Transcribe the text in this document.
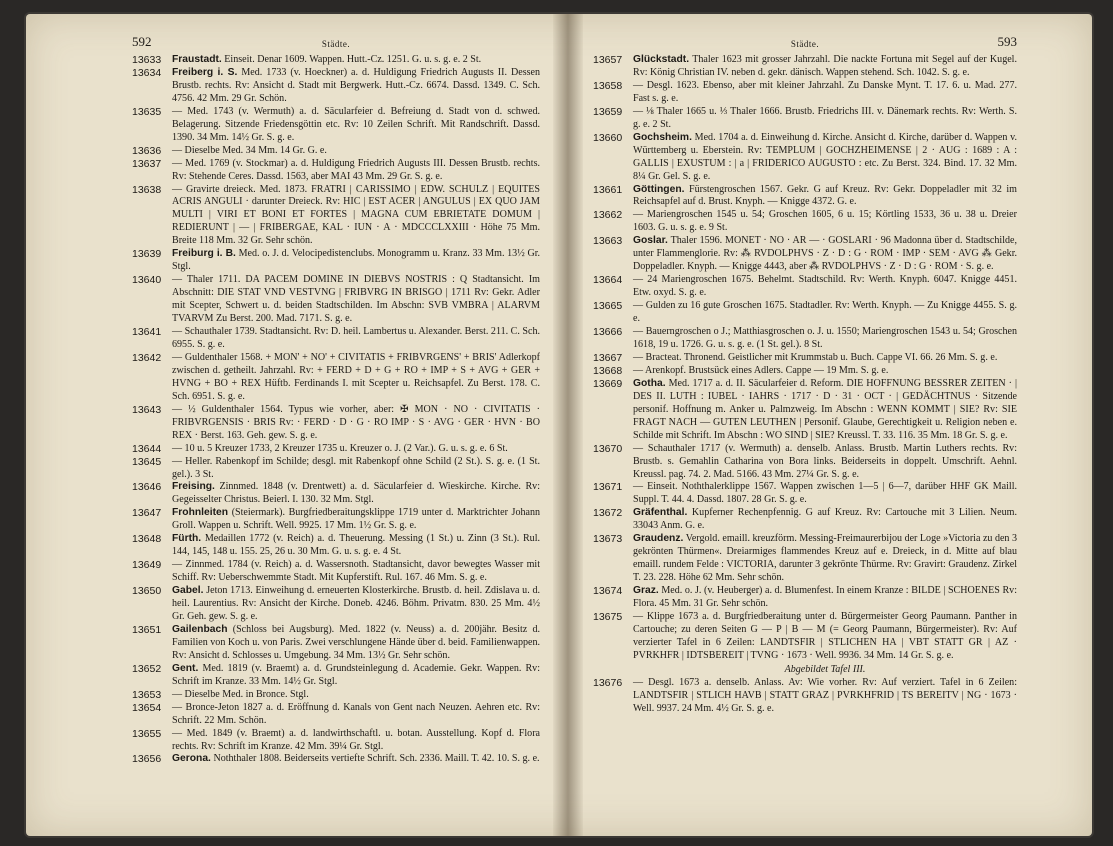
592	Städte.

13633 Fraustadt. Einseit. Denar 1609. Wappen. Hutt.-Cz. 1251. G. u. s. g. e. 2 St.

13634 Freiberg i. S. Med. 1733 (v. Hoeckner) a. d. Huldigung Friedrich Augusts II. Dessen Brustb. rechts. Rv: Ansicht d. Stadt mit Bergwerk. Hutt.-Cz. 6674. Dassd. 1349. C. Sch. 4756. 42 Mm. 29 Gr. Schön.

13635 — Med. 1743 (v. Wermuth) a. d. Säcularfeier d. Befreiung d. Stadt von d. schwed. Belagerung. Sitzende Friedensgöttin etc. Rv: 10 Zeilen Schrift. Mit Randschrift. Dassd. 1390. 34 Mm. 14½ Gr. S. g. e.

13636 — Dieselbe Med. 34 Mm. 14 Gr. G. e.

13637 — Med. 1769 (v. Stockmar) a. d. Huldigung Friedrich Augusts III. Dessen Brustb. rechts. Rv: Stehende Ceres. Dassd. 1563, aber MAI 43 Mm. 29 Gr. S. g. e.

13638 — Gravirte dreieck. Med. 1873. FRATRI | CARISSIMO | EDW. SCHULZ | EQUITES ACRIS ANGULI · darunter Dreieck. Rv: HIC | EST ACER | ANGULUS | EX QUO JAM MULTI | VIRI ET BONI ET FORTES | MAGNA CUM EBRIETATE DOMUM | REDIERUNT | — | FRIBERGAE, KAL · IUN · A · MDCCCLXXIII · Höhe 75 Mm. Breite 118 Mm. 32 Gr. Sehr schön.

13639 Freiburg i. B. Med. o. J. d. Velocipedistenclubs. Monogramm u. Kranz. 33 Mm. 13½ Gr. Stgl.

13640 — Thaler 1711. DA PACEM DOMINE IN DIEBVS NOSTRIS : Q Stadtansicht. Im Abschnitt: DIE STAT VND VESTVNG | FRIBVRG IN BRISGO | 1711 Rv: Gekr. Adler mit Scepter, Schwert u. d. beiden Stadtschilden. Im Abschn: SVB VMBRA | ALARVM TVARVM Zu Berst. 200. Mad. 7171. S. g. e.

13641 — Schauthaler 1739. Stadtansicht. Rv: D. heil. Lambertus u. Alexander. Berst. 211. C. Sch. 6955. S. g. e.

13642 — Guldenthaler 1568. + MON' + NO' + CIVITATIS + FRIBVRGENS' + BRIS' Adlerkopf zwischen d. getheilt. Jahrzahl. Rv: + FERD + D + G + RO + IMP + S + AVG + GER + HVNG + BO + REX Hüftb. Ferdinands I. mit Scepter u. Reichsapfel. Zu Berst. 178. C. Sch. 6951. S. g. e.

13643 — ½ Guldenthaler 1564. Typus wie vorher, aber: ✠ MON · NO · CIVITATIS · FRIBVRGENSIS · BRIS Rv: · FERD · D · G · RO IMP · S · AVG · GER · HVN · BO REX · Berst. 163. Geh. gew. S. g. e.

13644 — 10 u. 5 Kreuzer 1733, 2 Kreuzer 1735 u. Kreuzer o. J. (2 Var.). G. u. s. g. e. 6 St.

13645 — Heller. Rabenkopf im Schilde; desgl. mit Rabenkopf ohne Schild (2 St.). S. g. e. (1 St. gel.). 3 St.

13646 Freising. Zinnmed. 1848 (v. Drentwett) a. d. Säcularfeier d. Wieskirche. Kirche. Rv: Gegeisselter Christus. Beierl. I. 130. 32 Mm. Stgl.

13647 Frohnleiten (Steiermark). Burgfriedberaitungsklippe 1719 unter d. Marktrichter Johann Groll. Wappen u. Schrift. Well. 9925. 17 Mm. 1½ Gr. S. g. e.

13648 Fürth. Medaillen 1772 (v. Reich) a. d. Theuerung. Messing (1 St.) u. Zinn (3 St.). Rul. 144, 145, 148 u. 155. 25, 26 u. 30 Mm. G. u. s. g. e. 4 St.

13649 — Zinnmed. 1784 (v. Reich) a. d. Wassersnoth. Stadtansicht, davor bewegtes Wasser mit Schiff. Rv: Ueberschwemmte Stadt. Mit Kupferstift. Rul. 167. 46 Mm. S. g. e.

13650 Gabel. Jeton 1713. Einweihung d. erneuerten Klosterkirche. Brustb. d. heil. Zdislava u. d. heil. Laurentius. Rv: Ansicht der Kirche. Doneb. 4246. Böhm. Privatm. 830. 25 Mm. 4½ Gr. Geh. gew. S. g. e.

13651 Gailenbach (Schloss bei Augsburg). Med. 1822 (v. Neuss) a. d. 200jähr. Besitz d. Familien von Koch u. von Paris. Zwei verschlungene Hände über d. beid. Familienwappen. Rv: Ansicht d. Schlosses u. Umgebung. 34 Mm. 13½ Gr. Sehr schön.

13652 Gent. Med. 1819 (v. Braemt) a. d. Grundsteinlegung d. Academie. Gekr. Wappen. Rv: Schrift im Kranze. 33 Mm. 14½ Gr. Stgl.

13653 — Dieselbe Med. in Bronce. Stgl.

13654 — Bronce-Jeton 1827 a. d. Eröffnung d. Kanals von Gent nach Neuzen. Aehren etc. Rv: Schrift. 22 Mm. Schön.

13655 — Med. 1849 (v. Braemt) a. d. landwirthschaftl. u. botan. Ausstellung. Kopf d. Flora rechts. Rv: Schrift im Kranze. 42 Mm. 39¼ Gr. Stgl.

13656 Gerona. Noththaler 1808. Beiderseits vertiefte Schrift. Sch. 2336. Maill. T. 42. 10. S. g. e.

Städte.	593

13657 Glückstadt. Thaler 1623 mit grosser Jahrzahl. Die nackte Fortuna mit Segel auf der Kugel. Rv: König Christian IV. neben d. gekr. dänisch. Wappen stehend. Sch. 1042. S. g. e.

13658 — Desgl. 1623. Ebenso, aber mit kleiner Jahrzahl. Zu Danske Mynt. T. 17. 6. u. Mad. 277. Fast s. g. e.

13659 — ⅛ Thaler 1665 u. ⅓ Thaler 1666. Brustb. Friedrichs III. v. Dänemark rechts. Rv: Werth. S. g. e. 2 St.

13660 Gochsheim. Med. 1704 a. d. Einweihung d. Kirche. Ansicht d. Kirche, darüber d. Wappen v. Württemberg u. Eberstein. Rv: TEMPLUM | GOCHZHEIMENSE | 2 · AUG : 1689 : A : GALLIS | EXUSTUM : | a | FRIDERICO AUGUSTO : etc. Zu Berst. 324. Bind. 17. 32 Mm. 8¼ Gr. Gel. S. g. e.

13661 Göttingen. Fürstengroschen 1567. Gekr. G auf Kreuz. Rv: Gekr. Doppeladler mit 32 im Reichsapfel auf d. Brust. Knyph. — Knigge 4372. G. e.

13662 — Mariengroschen 1545 u. 54; Groschen 1605, 6 u. 15; Körtling 1533, 36 u. 38 u. Dreier 1603. G. u. s. g. e. 9 St.

13663 Goslar. Thaler 1596. MONET · NO · AR — · GOSLARI · 96 Madonna über d. Stadtschilde, unter Flammenglorie. Rv: ⁂ RVDOLPHVS · Z · D : G · ROM · IMP · SEM · AVG ⁂ Gekr. Doppeladler. Knyph. — Knigge 4443, aber ⁂ RVDOLPHVS · Z · D : G · ROM · S. g. e.

13664 — 24 Mariengroschen 1675. Behelmt. Stadtschild. Rv: Werth. Knyph. 6047. Knigge 4451. Etw. oxyd. S. g. e.

13665 — Gulden zu 16 gute Groschen 1675. Stadtadler. Rv: Werth. Knyph. — Zu Knigge 4455. S. g. e.

13666 — Bauerngroschen o J.; Matthiasgroschen o. J. u. 1550; Mariengroschen 1543 u. 54; Groschen 1618, 19 u. 1726. G. u. s. g. e. (1 St. gel.). 8 St.

13667 — Bracteat. Thronend. Geistlicher mit Krummstab u. Buch. Cappe VI. 66. 26 Mm. S. g. e.

13668 — Arenkopf. Brustsück eines Adlers. Cappe — 19 Mm. S. g. e.

13669 Gotha. Med. 1717 a. d. II. Säcularfeier d. Reform. DIE HOFFNUNG BESSRER ZEITEN · | DES II. LUTH : IUBEL · IAHRS · 1717 · D · 31 · OCT · | GEDÄCHTNUS · Sitzende personif. Hoffnung m. Anker u. Palmzweig. Im Abschn : WENN KOMMT | SIE? Rv: SIE FRAGT NACH — GUTEN LEUTHEN | Personif. Glaube, Gerechtigkeit u. Religion neben e. Schilde mit Schrift. Im Abschn : WO SIND | SIE? Kreussl. T. 33. 116. 35 Mm. 18 Gr. S. g. e.

13670 — Schauthaler 1717 (v. Wermuth) a. denselb. Anlass. Brustb. Martin Luthers rechts. Rv: Brustb. s. Gemahlin Catharina von Bora links. Beiderseits in doppelt. Umschrift. Aehnl. Kreussl. pag. 74. 2. Mad. 5166. 43 Mm. 27¼ Gr. S. g. e.

13671 — Einseit. Noththalerklippe 1567. Wappen zwischen 1—5 | 6—7, darüber HHF GK Maill. Suppl. T. 44. 4. Dassd. 1807. 28 Gr. S. g. e.

13672 Gräfenthal. Kupferner Rechenpfennig. G auf Kreuz. Rv: Cartouche mit 3 Lilien. Neum. 33043 Anm. G. e.

13673 Graudenz. Vergold. emaill. kreuzförm. Messing-Freimaurerbijou der Loge »Victoria zu den 3 gekrönten Thürmen«. Dreiarmiges flammendes Kreuz auf e. Dreieck, in d. Mitte auf blau emaill. rundem Felde : VICTORIA, darunter 3 gekrönte Thürme. Rv: Gravirt: Graudenz. Zirkel T. 23. 228. Höhe 62 Mm. Sehr schön.

13674 Graz. Med. o. J. (v. Heuberger) a. d. Blumenfest. In einem Kranze : BILDE | SCHOENES Rv: Flora. 45 Mm. 31 Gr. Sehr schön.

13675 — Klippe 1673 a. d. Burgfriedberaitung unter d. Bürgermeister Georg Paumann. Panther in Cartouche; zu deren Seiten G — P | B — M (= Georg Paumann, Bürgermeister). Rv: Auf verzierter Tafel in 6 Zeilen: LANDTSFIR | STLICHEN HA | VBT STATT GR | AZ · PVRKHFR | IDTSBEREIT | TVNG · 1673 · Well. 9936. 34 Mm. 14 Gr. S. g. e.

Abgebildet Tafel III.

13676 — Desgl. 1673 a. denselb. Anlass. Av: Wie vorher. Rv: Auf verziert. Tafel in 6 Zeilen: LANDTSFIR | STLICH HAVB | STATT GRAZ | PVRKHFRID | TS BEREITV | NG · 1673 · Well. 9937. 24 Mm. 4½ Gr. S. g. e.
